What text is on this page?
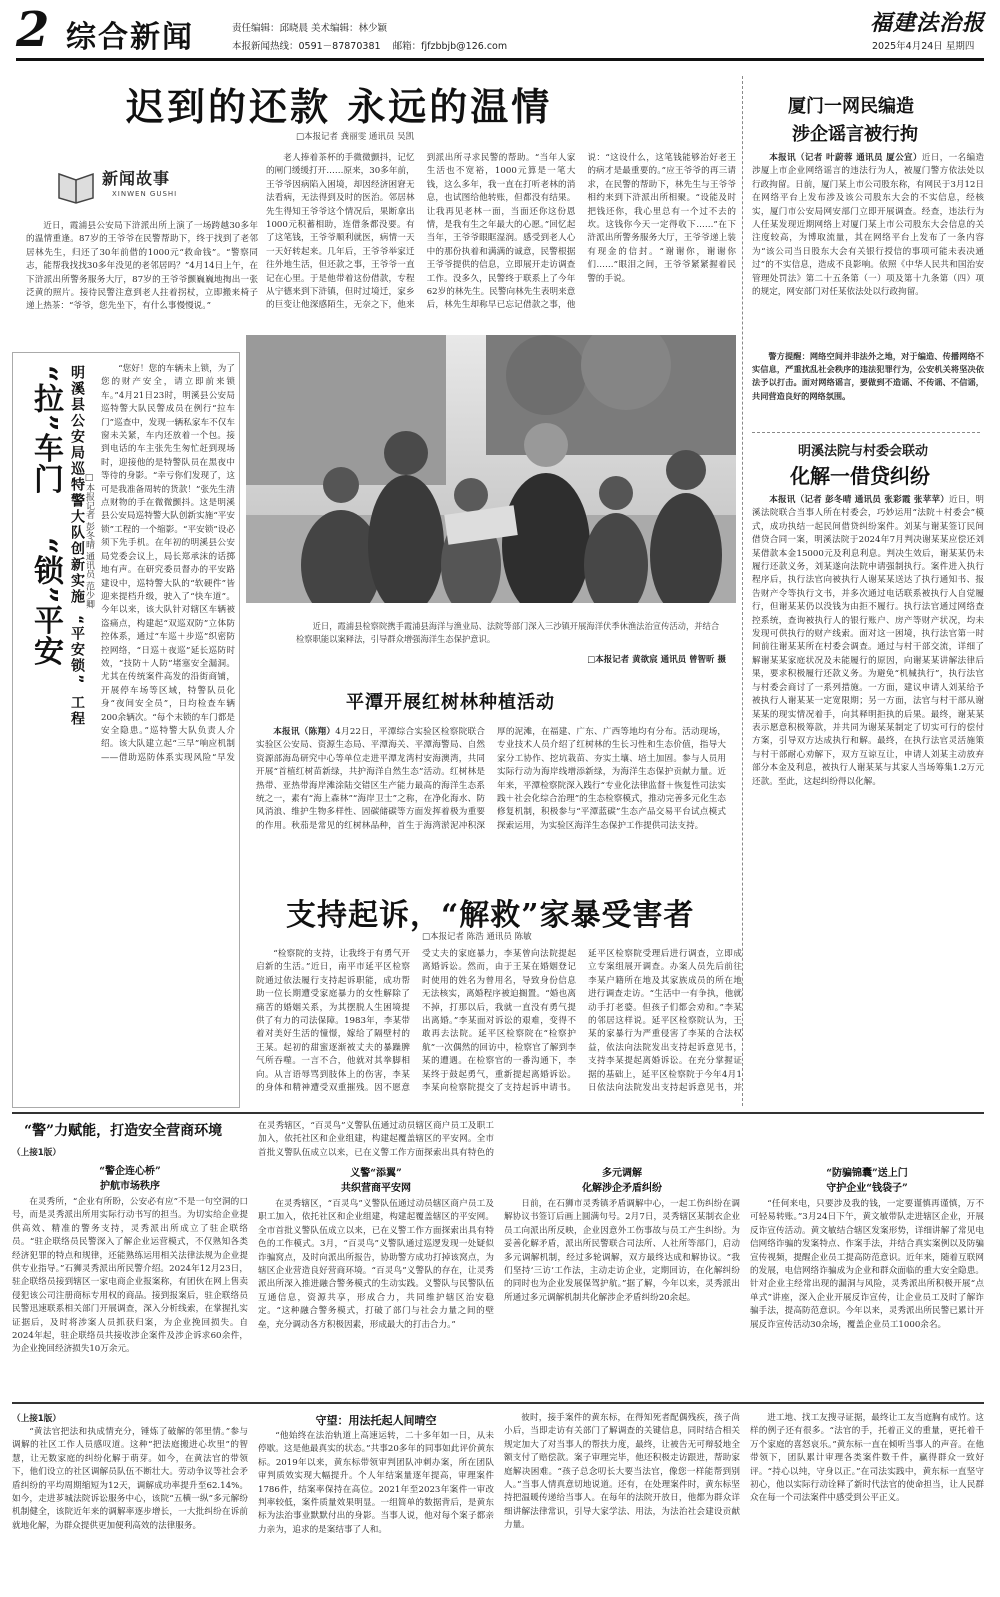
2 综合新闻	责任编辑：邱晓晨 美术编辑：林少颖
本报新闻热线：0591－87870381 邮箱：fjfzbbjb@126.com
福建法治报
2025年4月24日 星期四
迟到的还款 永远的温情
□本报记者 龚丽雯 通讯员 吴凯
新闻故事
XINWEN GUSHI
近日，霞浦县公安局下浒派出所上演了一场跨越30多年的温情重逢。87岁的王爷爷在民警帮助下，终于找到了老邻居林先生，归还了30年前借的1000元“救命钱”。“警察同志，能帮我找找30多年没见的老邻居吗？”4月14日上午，在下浒派出所警务服务大厅，87岁的王爷爷颤巍巍地掏出一张泛黄的照片。接待民警注意到老人拄着拐杖，立即搬来椅子递上热茶：“爷爷，您先坐下，有什么事慢慢说。”
老人捧着茶杯的手微微颤抖，记忆的闸门缓缓打开……原来，30多年前，王爷爷因病陷入困境，却因经济困窘无法看病，无法得到及时的医治。邻居林先生得知王爷爷这个情况后，果断拿出1000元积蓄相助，连借条都没要。有了这笔钱，王爷爷顺利就医，病情一天一天好转起来。几年后，王爷爷举家迁往外地生活，但还款之事，王爷爷一直记在心里。于是他带着这份借款，专程从宁德来到下浒镇，但时过境迁，家乡的巨变让他深感陌生，无奈之下，他来到派出所寻求民警的帮助。“当年人家生活也不宽裕，1000元算是一笔大钱，这么多年，我一直在打听老林的消息，也试图给他转账，但都没有结果。让我再见老林一面，当面还你这份恩情，是我有生之年最大的心愿。”回忆起当年，王爷爷眼眶湿润。感受到老人心中的那份执着和满满的诚意，民警根据王爷爷提供的信息，立即展开走访调查工作。没多久，民警终于联系上了今年62岁的林先生。民警向林先生表明来意后，林先生却称早已忘记借款之事，他说：“这设什么，这笔钱能够治好老王的病才是最重要的。”应王爷爷的再三请求，在民警的帮助下，林先生与王爷爷相约来到下浒派出所相聚。“设能及时把钱还你，我心里总有一个过不去的坎。这钱你今天一定得收下……”在下浒派出所警务服务大厅，王爷爷递上装有现金的信封。“谢谢你，谢谢你们……”眼泪之间，王爷爷紧紧握着民警的手说。
明溪县公安局巡特警大队创新实施
“拉”车门
“锁”平安 “平安锁”
工程
□本报记者 彭冬晴 通讯员 范少卿
“您好！您的车辆未上锁，为了您的财产安全，请立即前来锁车。”4月21日23时，明溪县公安局巡特警大队民警成员在例行“拉车门”巡查中，发现一辆私家车不仅车窗未关紧，车内还放着一个包。接到电话的车主张先生匆忙赶到现场时，迎接他的是特警队员在黑夜中等待的身影。“幸亏你们发现了，这可是我准备周转的货款！”张先生清点财物的手在微微颤抖。这是明溪县公安局巡特警大队创新实施“平安锁”工程的一个缩影。“平安锁”设必须下先手机。在年初的明溪县公安局党委会议上，局长郑承沫的话掷地有声。在研究委员督办的平安路建设中，巡特警大队的“软硬件”皆迎来提档升级，驶入了“快车道”。今年以来，该大队针对辖区车辆被盗痛点，构建起“双巡双防”立体防控体系，通过“车巡＋步巡”织密防控网络，“日巡＋夜巡”延长巡防时效，“技防＋人防”堵塞安全漏洞。尤其在传统案件高发的沿街商铺，开展停车场等区域，特警队员化身“夜间安全员”，日均检查车辆200余辆次。“每个末锁的车门都是安全隐患。”巡特警大队负责人介绍。该大队建立起“三早”响应机制——借助巡防体系实现风险“早发
近日，霞浦县检察院携手霞浦县海洋与渔业局、法院等部门深入三沙镇开展海洋伏季休渔法治宣传活动，并结合检察职能以案释法，引导群众增强海洋生态保护意识。
□本报记者 黄欲宸 通讯员 曾智昕 摄
平潭开展红树林种植活动

本报讯（陈翔）4月22日，平潭综合实验区检察院联合实验区公安局、资源生态局、平潭海关、平潭海警局、自然资源部海岛研究中心等单位走进平潭龙湾村安海澳湾，共同开展“首植红树苗新绿，共护海洋自然生态”活动。红树林是热带、亚热带海岸滩涂陆交错区生产能力最高的海洋生态系统之一，素有“海上森林”“海岸卫士”之称，在净化海水、防风消浪、维护生物多样性、固碳储碳等方面发挥着极为重要的作用。秋茄是常见的红树林品种，首生于海湾淤泥冲积深厚的泥滩，在福建、广东、广西等地均有分布。活动现场，专业技术人员介绍了红树林的生长习性和生态价值，指导大家分工协作、挖坑栽苗、夯实土壤、培土加固。参与人员用实际行动为海岸线增添新绿，为海洋生态保护贡献力量。近年来，平潭检察院深入践行“专业化法律监督＋恢复性司法实践＋社会化综合治理”的生态检察模式，推动完善多元化生态修复机制，积极参与“平潭蓝碳”生态产品交易平台试点模式探索运用，为实验区海洋生态保护工作提供司法支持。

支持起诉，“解救”家暴受害者
□本报记者 陈浩 通讯员 陈敏
“检察院的支持，让我终于有勇气开启新的生活。”近日，南平市延平区检察院通过依法履行支持起诉职能，成功帮助一位长期遭受家庭暴力的女性解除了痛苦的婚姻关系，为其摆脱人生困境提供了有力的司法保障。1983年，李某带着对美好生活的憧憬，嫁给了隔壁村的王某。起初的甜蜜逐渐被丈夫的暴躁脾气所吞噬。一言不合，他就对其拳脚相向。从言语辱骂到肢体上的伤害，李某的身体和精神遭受双重摧残。因不愿意受丈夫的家庭暴力，李某曾向法院提起离婚诉讼。然而，由于王某在婚姻登记时使用的姓名为曾用名，导致身份信息无法核实，离婚程序被迫搁置。“婚也离不掉，打那以后，我就一直没有勇气提出离婚。”李某面对诉讼的艰难，变得不敢再去法院。延平区检察院在“检察护航”一次偶然的回访中，检察官了解到李某的遭遇。在检察官的一番沟通下，李某终于鼓起勇气，重新提起离婚诉讼。李某向检察院提交了支持起诉申请书。延平区检察院受理后进行调查，立即成立专案组展开调查。办案人员先后前往李某户籍所在地及其家族成员的所在地进行调查走访。“生活中一有争执，他就动手打老婆。但孩子们都会劝和。”李某的邻居这样说。延平区检察院认为，王某的家暴行为严重侵害了李某的合法权益，依法向法院发出支持起诉意见书，支持李某提起离婚诉讼。在充分掌握证据的基础上，延平区检察院于今年4月1日依法向法院发出支持起诉意见书，并
厦门一网民编造
涉企谣言被行拘

本报讯（记者 叶蔚蓉 通讯员 厦公宣）近日，一名编造涉厦上市企业网络谣言的违法行为人，被厦门警方依法处以行政拘留。日前，厦门某上市公司股东称，有网民于3月12日在网络平台上发布涉及该公司股东大会的不实信息，经核实，厦门市公安局网安部门立即开展调查。经查，违法行为人任某发现近期网络上对厦门某上市公司股东大会信息的关注度较高，为博取流量，其在网络平台上发布了一条内容为“该公司当日股东大会有关银行授信的事项可能未表决通过”的不实信息，造成不良影响。依照《中华人民共和国治安管理处罚法》第二十五条第（一）项及第十九条第（四）项的规定，网安部门对任某依法处以行政拘留。

警方提醒：网络空间并非法外之地，对于编造、传播网络不实信息，严重扰乱社会秩序的违法犯罪行为，公安机关将坚决依法予以打击。面对网络谣言，要做到不造谣、不传谣、不信谣，共同营造良好的网络氛围。
明溪法院与村委会联动
化解一借贷纠纷

本报讯（记者 彭冬晴 通讯员 张彩霞 张苹苹）近日，明溪法院联合当事人所在村委会，巧妙运用“法院＋村委会”模式，成功执结一起民间借贷纠纷案件。刘某与谢某签订民间借贷合同一案，明溪法院于2024年7月判决谢某某应偿还刘某借款本金15000元及利息利息。判决生效后，谢某某仍未履行还款义务，刘某遂向法院申请强制执行。案件进入执行程序后，执行法官向被执行人谢某某送达了执行通知书、报告财产令等执行文书，并多次通过电话联系被执行人自觉履行，但谢某某仍以没钱为由拒不履行。执行法官通过网络查控系统，查询被执行人的银行账户、房产等财产状况，均未发现可供执行的财产线索。面对这一困境，执行法官第一时间前往谢某某所在村委会调查。通过与村干部交流，详细了解谢某某家庭状况及未能履行的原因，向谢某某讲解法律后果，要求积极履行还款义务。为避免“机械执行”，执行法官与村委会商讨了一系列措施。一方面，建议申请人刘某给予被执行人谢某某一定宽限期；另一方面，法官与村干部从谢某某的现实情况着手，向其释明拒执的后果。最终，谢某某表示愿意积极筹款，并共同为谢某某制定了切实可行的偿付方案，引导双方达成执行和解。最终，在执行法官灵活施策与村干部耐心劝解下，双方互谅互让，申请人刘某主动放弃部分本金及利息，被执行人谢某某与其家人当场筹集1.2万元还款。至此，这起纠纷得以化解。

“警”力赋能，打造安全营商环境
（上接1版）
“警企连心桥”
护航市场秩序
在灵秀所，“企业有所盼，公安必有应”不是一句空洞的口号，而是灵秀派出所用实际行动书写的担当。为切实给企业提供高效、精准的警务支持，灵秀派出所成立了驻企联络员。“驻企联络员民警深入了解企业运营模式，不仅熟知各类经济犯罪的特点和规律，还能熟练运用相关法律法规为企业提供专业指导。”石狮灵秀派出所民警介绍。2024年12月23日，驻企联络员接到辖区一家电商企业报案称，有团伙在网上售卖侵犯该公司注册商标专用权的商品。接到报案后，驻企联络员民警迅速联系相关部门开展调查，深入分析线索，在掌握扎实证据后，及时将涉案人员抓获归案，为企业挽回损失。自2024年起，驻企联络员共接收涉企案件及涉企诉求60余件，为企业挽回经济损失10万余元。
在灵秀辖区，“百灵鸟”义警队伍通过动员辖区商户员工及职工加入，依托社区和企业组建，构建起覆盖辖区的平安网。全市首批义警队伍成立以来，已在义警工作方面探索出具有特色的
义警“添翼”
共织营商平安网
在灵秀辖区，“百灵鸟”义警队伍通过动员辖区商户员工及职工加入，依托社区和企业组建，构建起覆盖辖区的平安网。全市首批义警队伍成立以来，已在义警工作方面探索出具有特色的工作模式。3月，“百灵鸟”义警队通过巡逻发现一处疑似诈骗窝点，及时向派出所报告，协助警方成功打掉该窝点，为辖区企业营造良好营商环境。“百灵鸟”义警队的存在，让灵秀派出所深入推进融合警务模式的生动实践。义警队与民警队伍互通信息，资源共享，形成合力，共同维护辖区治安稳定。“这种融合警务模式，打破了部门与社会力量之间的壁垒，充分调动各方积极因素，形成最大的打击合力。”
多元调解
化解涉企矛盾纠纷
日前，在石狮市灵秀镇矛盾调解中心，一起工伤纠纷在调解协议书签订后画上圆满句号。2月7日，灵秀辖区某制衣企业员工向派出所反映，企业因意外工伤事故与员工产生纠纷。为妥善化解矛盾，派出所民警联合司法所、人社所等部门，启动多元调解机制，经过多轮调解，双方最终达成和解协议。“我们坚持‘三访’工作法，主动走访企业，定期回访，在化解纠纷的同时也为企业发展保驾护航。”据了解，今年以来，灵秀派出所通过多元调解机制共化解涉企矛盾纠纷20余起。
“防骗锦囊”送上门
守护企业“钱袋子”
“任何来电，只要涉及我的钱，一定要谨慎再谨慎，万不可轻易转账。”3月24日下午，黄文敏带队走进辖区企业，开展反诈宣传活动。黄文敏结合辖区发案形势，详细讲解了常见电信网络诈骗的发案特点、作案手法，并结合真实案例以及防骗宣传视频，提醒企业员工提高防范意识。近年来，随着互联网的发展，电信网络诈骗成为企业和群众面临的重大安全隐患。针对企业主经常出现的漏洞与风险，灵秀派出所积极开展“点单式”讲座，深入企业开展反诈宣传，让企业员工及时了解诈骗手法，提高防范意识。今年以来，灵秀派出所民警已累计开展反诈宣传活动30余场，覆盖企业员工1000余名。
（上接1版）
“黄法官把法和执成情充分，锤炼了破解的邻里情。”参与调解的社区工作人员感叹道。这种“把法庭搬进心坎里”的智慧，让无数家庭的纠纷化解于萌芽。如今，在黄法官的带领下，他们设立的社区调解员队伍不断壮大。劳动争议等社会矛盾纠纷的平均周期缩短为12天，调解成功率提升至62.14%。如今，走进芗城法院诉讼服务中心，该院“五横一纵”多元解纷机制健全，该院近年来的调解率逐步增长，一大批纠纷在诉前就地化解，为群众提供更加便利高效的法律服务。
守望：用法托起人间晴空
“他始终在法治轨道上高速运转，二十多年如一日，从未停歇。这是他最真实的状态。”共事20多年的同事如此评价黄东标。2019年以来，黄东标带领审判团队冲刺办案，所在团队审判质效实现大幅提升。个人年结案量逐年提高，审理案件1786件，结案率保持在高位。2021年至2023年案件一审改判率较低，案件质量效果明显。一组简单的数据背后，是黄东标为法治事业默默付出的身影。当事人说，他对每个案子都亲力亲为，追求的是案结事了人和。
彼时，接手案件的黄东标，在得知死者配偶残疾，孩子尚小后，当即走访有关部门了解调查的关键信息，同时结合相关规定加大了对当事人的帮扶力度，最终，让被告无可辩驳地全额支付了赔偿款。案子审理完毕，他还积极走访跟进，帮助家庭解决困难。“孩子总念叨长大要当法官，像您一样能帮到别人。”当事人情真意切地说道。还有，在处理案件时，黄东标坚持把温暖传递给当事人。在每年的法院开放日，他都为群众详细讲解法律常识，引导大家学法、用法，为法治社会建设贡献力量。
进工地、找工友搜寻证据，最终让工友当庭胸有成竹。这样的例子还有很多。“法官的手，托着正义的重量，更托着千万个家庭的喜怒哀乐。”黄东标一直在倾听当事人的声音。在他带领下，团队累计审理各类案件数千件，赢得群众一致好评。“持心以纯，守身以正。”在司法实践中，黄东标一直坚守初心，他以实际行动诠释了新时代法官的使命担当，让人民群众在每一个司法案件中感受到公平正义。
